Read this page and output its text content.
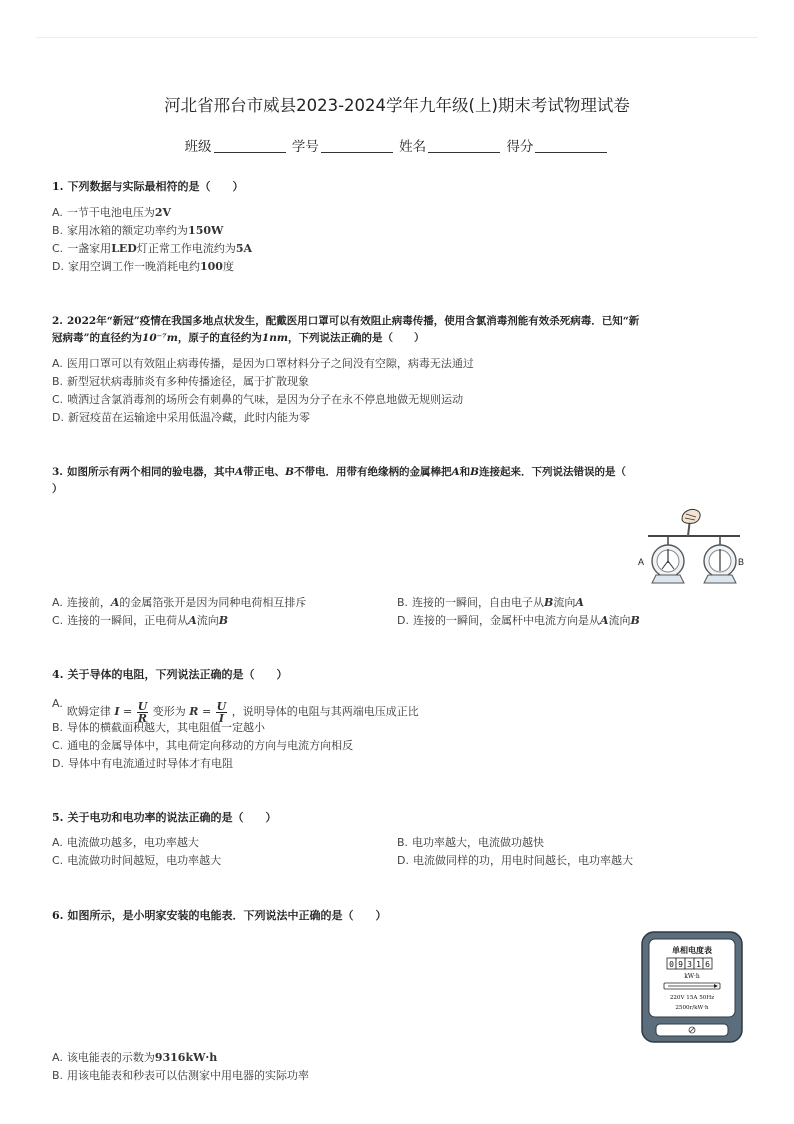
河北省邢台市威县2023-2024学年九年级(上)期末考试物理试卷
班级	学号	姓名	得分
1. 下列数据与实际最相符的是（　　）
A. 一节干电池电压为2V
B. 家用冰箱的额定功率约为150W
C. 一盏家用LED灯正常工作电流约为5A
D. 家用空调工作一晚消耗电约100度
2. 2022年“新冠”疫情在我国多地点状发生，配戴医用口罩可以有效阻止病毒传播，使用含氯消毒剂能有效杀死病毒．已知“新
冠病毒”的直径约为10⁻⁷m，原子的直径约为1nm，下列说法正确的是（　　）
A. 医用口罩可以有效阻止病毒传播，是因为口罩材料分子之间没有空隙，病毒无法通过
B. 新型冠状病毒肺炎有多种传播途径，属于扩散现象
C. 喷洒过含氯消毒剂的场所会有刺鼻的气味，是因为分子在永不停息地做无规则运动
D. 新冠疫苗在运输途中采用低温冷藏，此时内能为零
3. 如图所示有两个相同的验电器，其中A带正电、B不带电．用带有绝缘柄的金属棒把A和B连接起来．下列说法错误的是（
）
A	B
A. 连接前，A的金属箔张开是因为同种电荷相互排斥	B. 连接的一瞬间，自由电子从B流向A
C. 连接的一瞬间，正电荷从A流向B	D. 连接的一瞬间，金属杆中电流方向是从A流向B
4. 关于导体的电阻，下列说法正确的是（　　）
A.欧姆定律 $I = \frac{U}{R}$ 变形为 $R = \frac{U}{I}$ ，说明导体的电阻与其两端电压成正比
B. 导体的横截面积越大，其电阻值一定越小
C. 通电的金属导体中，其电荷定向移动的方向与电流方向相反
D. 导体中有电流通过时导体才有电阻
5. 关于电功和电功率的说法正确的是（　　）
A. 电流做功越多，电功率越大	B. 电功率越大，电流做功越快
C. 电流做功时间越短，电功率越大	D. 电流做同样的功，用电时间越长，电功率越大
6. 如图所示，是小明家安装的电能表．下列说法中正确的是（　　）
单相电度表
0 9 3 1 6
kW·h
220V 15A 50Hz
2500r/kW·h
A. 该电能表的示数为9316kW·h
B. 用该电能表和秒表可以估测家中用电器的实际功率
